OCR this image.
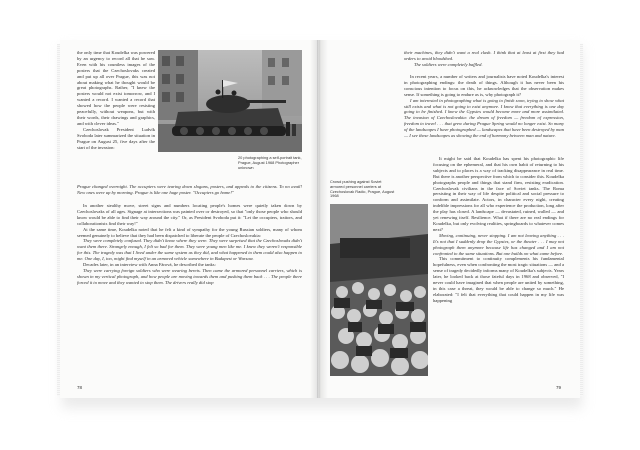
the only time that Koudelka was powered by an urgency to record all that he saw. Even with his countless images of the posters that the Czechoslovaks created and put up all over Prague, this was not about making what he thought would be great photographs. Rather, "I knew the posters would not exist tomorrow, and I wanted a record. I wanted a record that showed how the people were resisting peacefully, without weapons, but with their words, their drawings and graphics, and with clever ideas."

Czechoslovak President Ludvík Svoboda later summarized the situation in Prague on August 25, five days after the start of the invasion:

20 photographing a self-portrait tank, Prague, August 1968 Photographer unknown
Prague changed overnight. The occupiers were tearing down slogans, posters, and appeals to the citizens. To no avail! New ones were up by morning. Prague is like one huge poster. "Occupiers go home!"

In another stealthy move, street signs and numbers locating people's homes were quietly taken down by Czechoslovaks of all ages. Signage at intersections was painted over or destroyed, so that "only those people who should know would be able to find their way around the city." Or, as President Svoboda put it: "Let the occupiers, traitors, and collaborationists find their way!"

At the same time, Koudelka noted that he felt a kind of sympathy for the young Russian soldiers, many of whom seemed genuinely to believe that they had been dispatched to liberate the people of Czechoslovakia:

They were completely confused. They didn't know where they were. They were surprised that the Czechoslovaks didn't want them there. Strangely enough, I felt so bad for them. They were young men like me. I knew they weren't responsible for this. The tragedy was that I lived under the same system as they did, and what happened to them could also happen to me. One day, I, too, might find myself in an armored vehicle somewhere in Budapest or Warsaw.

Decades later, in an interview with Anna Fárová, he described the tanks:

They were carrying foreign soldiers who were wearing berets. Then came the armored personnel carriers, which is shown in my vertical photograph, and how people are moving towards them and pushing them back . . . The people there forced it to move and they wanted to stop them. The drivers really did stop

78

their machines, they didn't want a real clash. I think that at least at first they had orders to avoid bloodshed.

The soldiers were completely baffled.

In recent years, a number of writers and journalists have noted Koudelka's interest in photographing endings: the death of things. Although it has never been his conscious intention to focus on this, he acknowledges that the observation makes sense. If something is going to endure as is, why photograph it?

I am interested in photographing what is going to finish soon, trying to show what still exists and what is not going to exist anymore. I know that everything is one day going to be finished. I knew the Gypsies would become more and more assimilated. The invasion of Czechoslovakia: the dream of freedom — freedom of expression, freedom to travel . . . that grew during Prague Spring would no longer exist. So many of the landscapes I have photographed — landscapes that have been destroyed by man — I see these landscapes as showing the end of harmony between man and nature.

Crowd pushing against Soviet armored personnel carriers at Czechoslovak Radio, Prague, August 1968

It might be said that Koudelka has spent his photographic life focusing on the ephemeral, and that his own habit of returning to his subjects and to places is a way of tracking disappearance in real time. But there is another perspective from which to consider this. Koudelka photographs people and things that stand firm, resisting eradication. Czechoslovak civilians in the face of Soviet tanks. The Roma persisting in their way of life despite political and social pressure to conform and assimilate. Actors, in character every night, creating indelible impressions for all who experience the production, long after the play has closed. A landscape — devastated, ruined, walled — and yet renewing itself. Resilience. What if there are no real endings for Koudelka, but only evolving realities, springboards to whatever comes next?

Moving, continuing, never stopping. I am not leaving anything . . . It's not that I suddenly drop the Gypsies, or the theater . . . I may not photograph them anymore because life has changed and I am not confronted to the same situations. But one builds on what came before.

This commitment to continuity complements his fundamental hopefulness, even when confronting the most tragic situations — and a sense of tragedy decidedly informs many of Koudelka's subjects. Years later, he looked back at those fateful days in 1968 and observed, "I never could have imagined that when people are united by something, in this case a threat, they would be able to change so much." He elaborated: "I felt that everything that could happen in my life was happening

79
